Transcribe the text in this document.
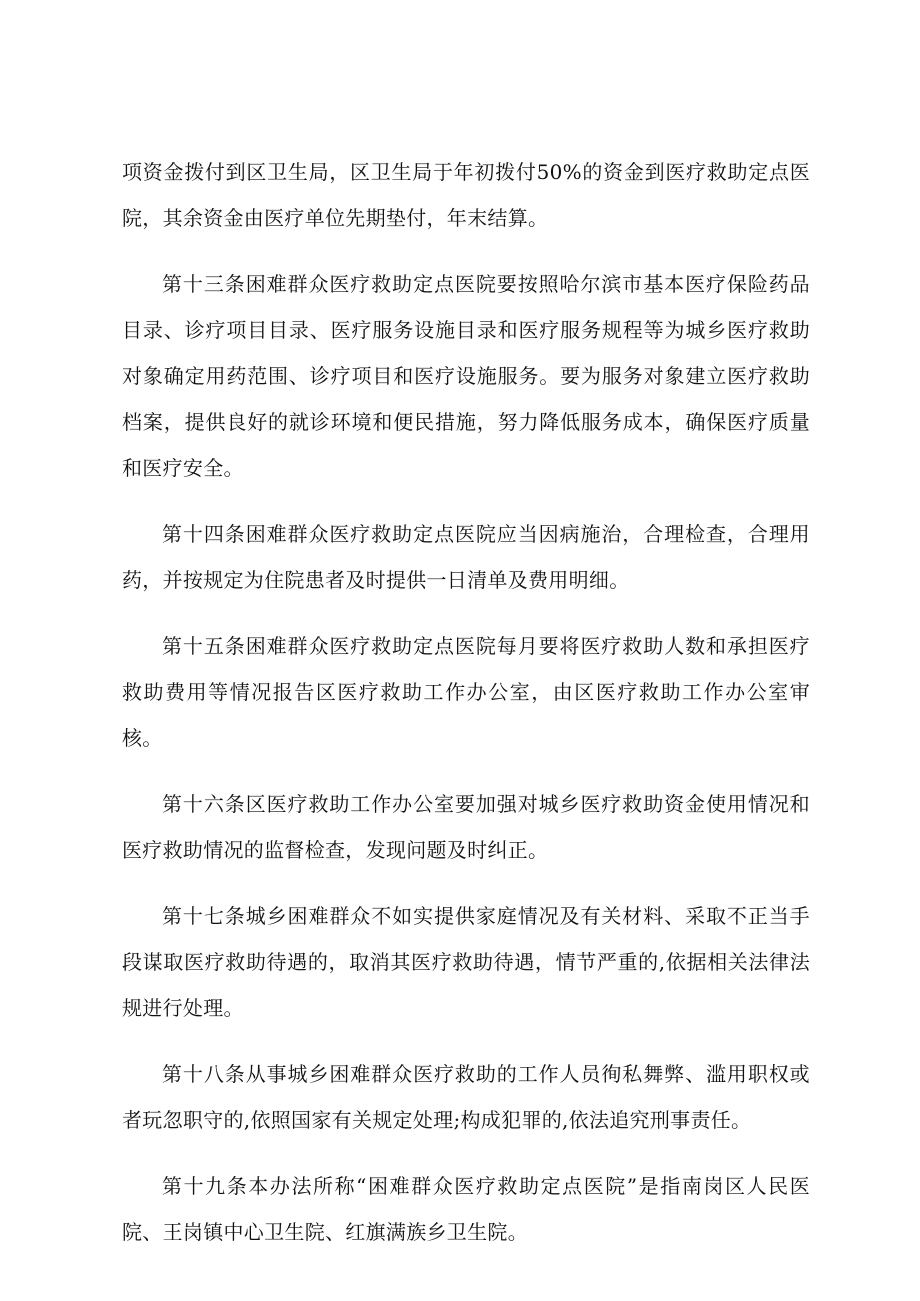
项资金拨付到区卫生局，区卫生局于年初拨付50%的资金到医疗救助定点医院，其余资金由医疗单位先期垫付，年末结算。

第十三条困难群众医疗救助定点医院要按照哈尔滨市基本医疗保险药品目录、诊疗项目目录、医疗服务设施目录和医疗服务规程等为城乡医疗救助对象确定用药范围、诊疗项目和医疗设施服务。要为服务对象建立医疗救助档案，提供良好的就诊环境和便民措施，努力降低服务成本，确保医疗质量和医疗安全。

第十四条困难群众医疗救助定点医院应当因病施治，合理检查，合理用药，并按规定为住院患者及时提供一日清单及费用明细。

第十五条困难群众医疗救助定点医院每月要将医疗救助人数和承担医疗救助费用等情况报告区医疗救助工作办公室，由区医疗救助工作办公室审核。

第十六条区医疗救助工作办公室要加强对城乡医疗救助资金使用情况和医疗救助情况的监督检查，发现问题及时纠正。

第十七条城乡困难群众不如实提供家庭情况及有关材料、采取不正当手段谋取医疗救助待遇的，取消其医疗救助待遇，情节严重的,依据相关法律法规进行处理。

第十八条从事城乡困难群众医疗救助的工作人员徇私舞弊、滥用职权或者玩忽职守的,依照国家有关规定处理;构成犯罪的,依法追究刑事责任。

第十九条本办法所称“困难群众医疗救助定点医院”是指南岗区人民医院、王岗镇中心卫生院、红旗满族乡卫生院。
